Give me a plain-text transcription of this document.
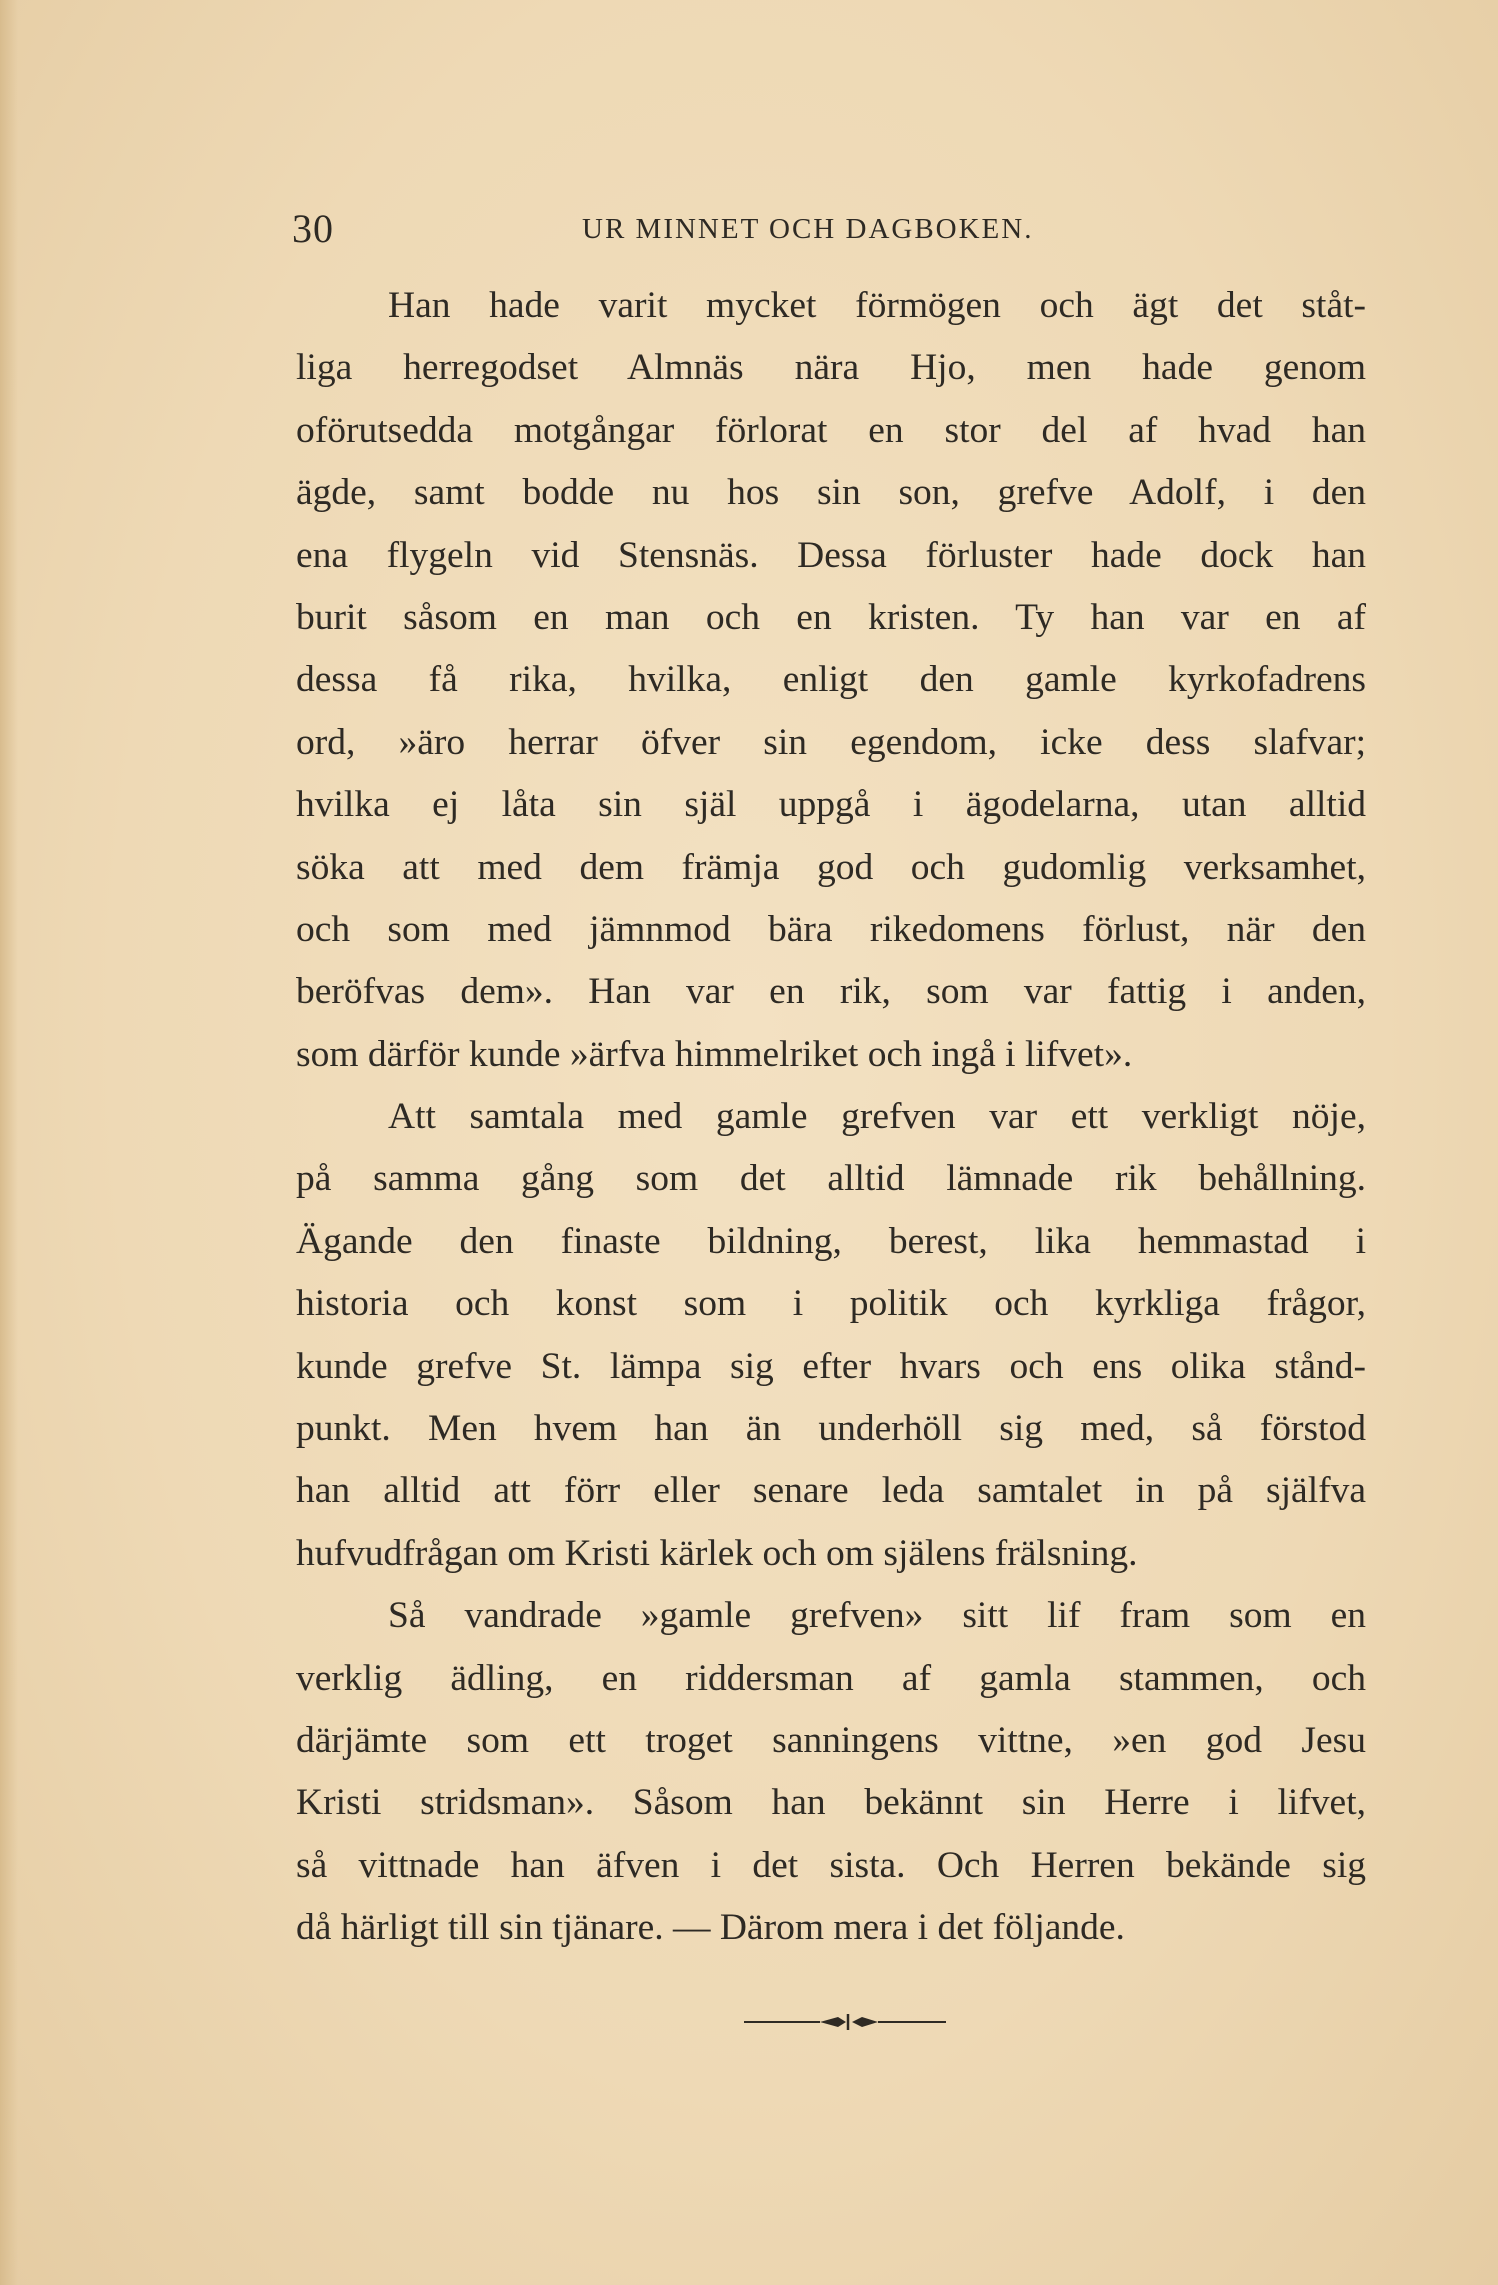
30	UR MINNET OCH DAGBOKEN.
Han hade varit mycket förmögen och ägt det ståt-
liga herregodset Almnäs nära Hjo, men hade genom
oförutsedda motgångar förlorat en stor del af hvad han
ägde, samt bodde nu hos sin son, grefve Adolf, i den
ena flygeln vid Stensnäs. Dessa förluster hade dock han
burit såsom en man och en kristen. Ty han var en af
dessa få rika, hvilka, enligt den gamle kyrkofadrens
ord, »äro herrar öfver sin egendom, icke dess slafvar;
hvilka ej låta sin själ uppgå i ägodelarna, utan alltid
söka att med dem främja god och gudomlig verksamhet,
och som med jämnmod bära rikedomens förlust, när den
beröfvas dem». Han var en rik, som var fattig i anden,
som därför kunde »ärfva himmelriket och ingå i lifvet».
Att samtala med gamle grefven var ett verkligt nöje,
på samma gång som det alltid lämnade rik behållning.
Ägande den finaste bildning, berest, lika hemmastad i
historia och konst som i politik och kyrkliga frågor,
kunde grefve St. lämpa sig efter hvars och ens olika stånd-
punkt. Men hvem han än underhöll sig med, så förstod
han alltid att förr eller senare leda samtalet in på själfva
hufvudfrågan om Kristi kärlek och om själens frälsning.
Så vandrade »gamle grefven» sitt lif fram som en
verklig ädling, en riddersman af gamla stammen, och
därjämte som ett troget sanningens vittne, »en god Jesu
Kristi stridsman». Såsom han bekännt sin Herre i lifvet,
så vittnade han äfven i det sista. Och Herren bekände sig
då härligt till sin tjänare. — Därom mera i det följande.
